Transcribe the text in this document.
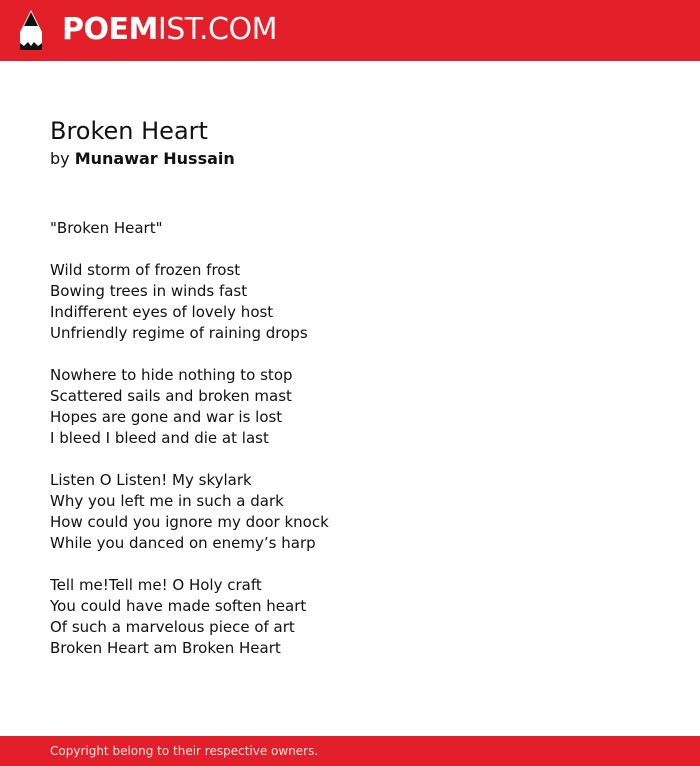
POEMIST.COM
Broken Heart
by Munawar Hussain
"Broken Heart"
Wild storm of frozen frost
Bowing trees in winds fast
Indifferent eyes of lovely host
Unfriendly regime of raining drops
Nowhere to hide nothing to stop
Scattered sails and broken mast
Hopes are gone and war is lost
I bleed I bleed and die at last
Listen O Listen! My skylark
Why you left me in such a dark
How could you ignore my door knock
While you danced on enemy’s harp
Tell me!Tell me! O Holy craft
You could have made soften heart
Of such a marvelous piece of art
Broken Heart am Broken Heart
Copyright belong to their respective owners.
